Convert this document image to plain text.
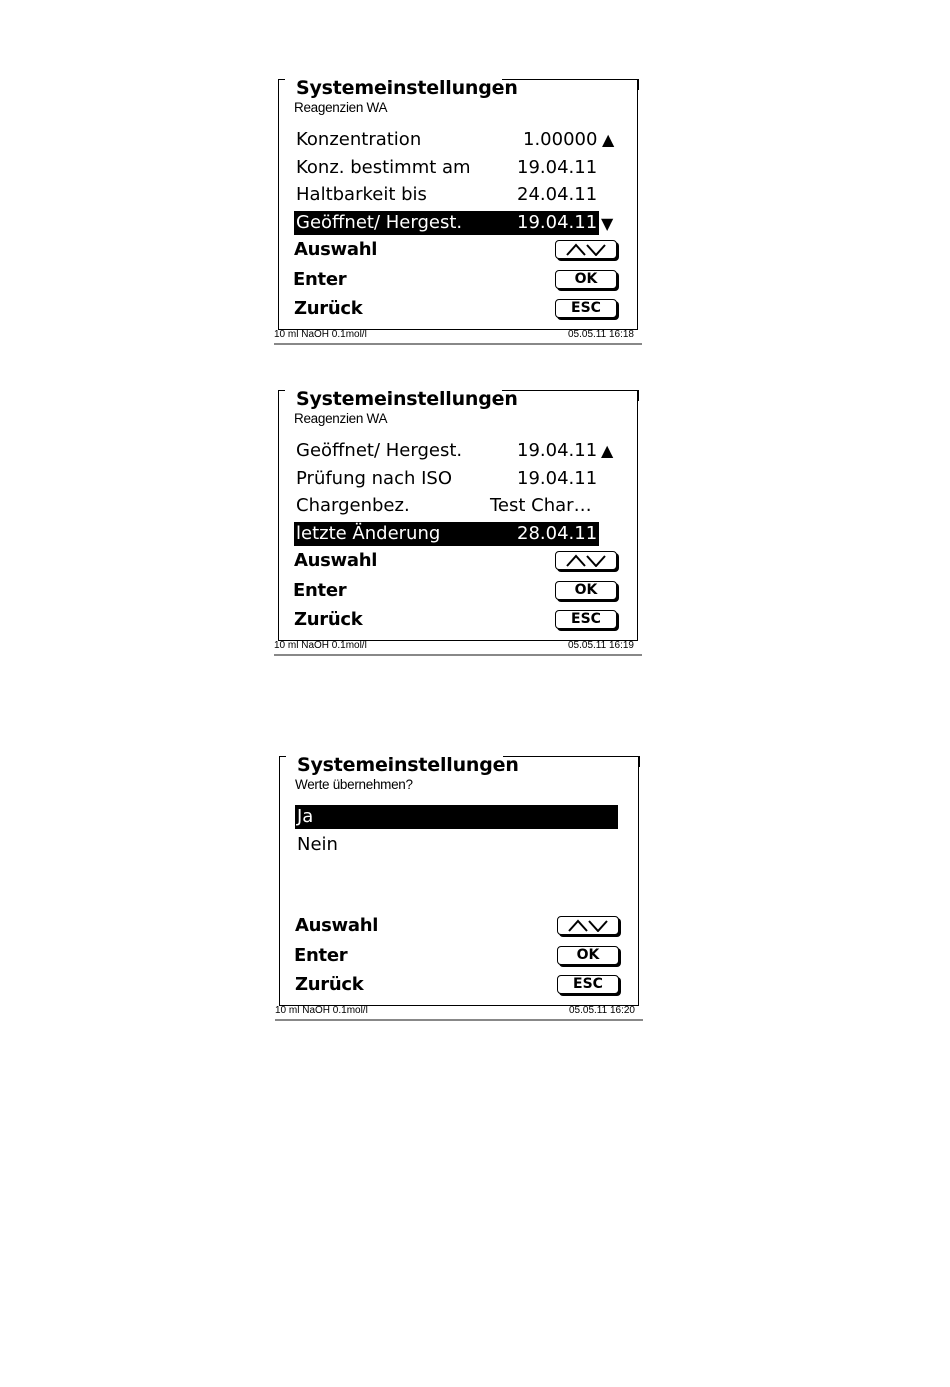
Systemeinstellungen
Reagenzien WA
Konzentration	1.00000 ▲
Konz. bestimmt am	19.04.11
Haltbarkeit bis	24.04.11
Geöffnet/ Hergest.	19.04.11 ▼
Auswahl
Enter	OK
Zurück	ESC
10 ml NaOH 0.1mol/l	05.05.11 16:18
Systemeinstellungen
Reagenzien WA
Geöffnet/ Hergest.	19.04.11 ▲
Prüfung nach ISO	19.04.11
Chargenbez.	Test Char…
letzte Änderung	28.04.11
Auswahl
Enter	OK
Zurück	ESC
10 ml NaOH 0.1mol/l	05.05.11 16:19
Systemeinstellungen
Werte übernehmen?
Ja
Nein
Auswahl
Enter	OK
Zurück	ESC
10 ml NaOH 0.1mol/l	05.05.11 16:20
